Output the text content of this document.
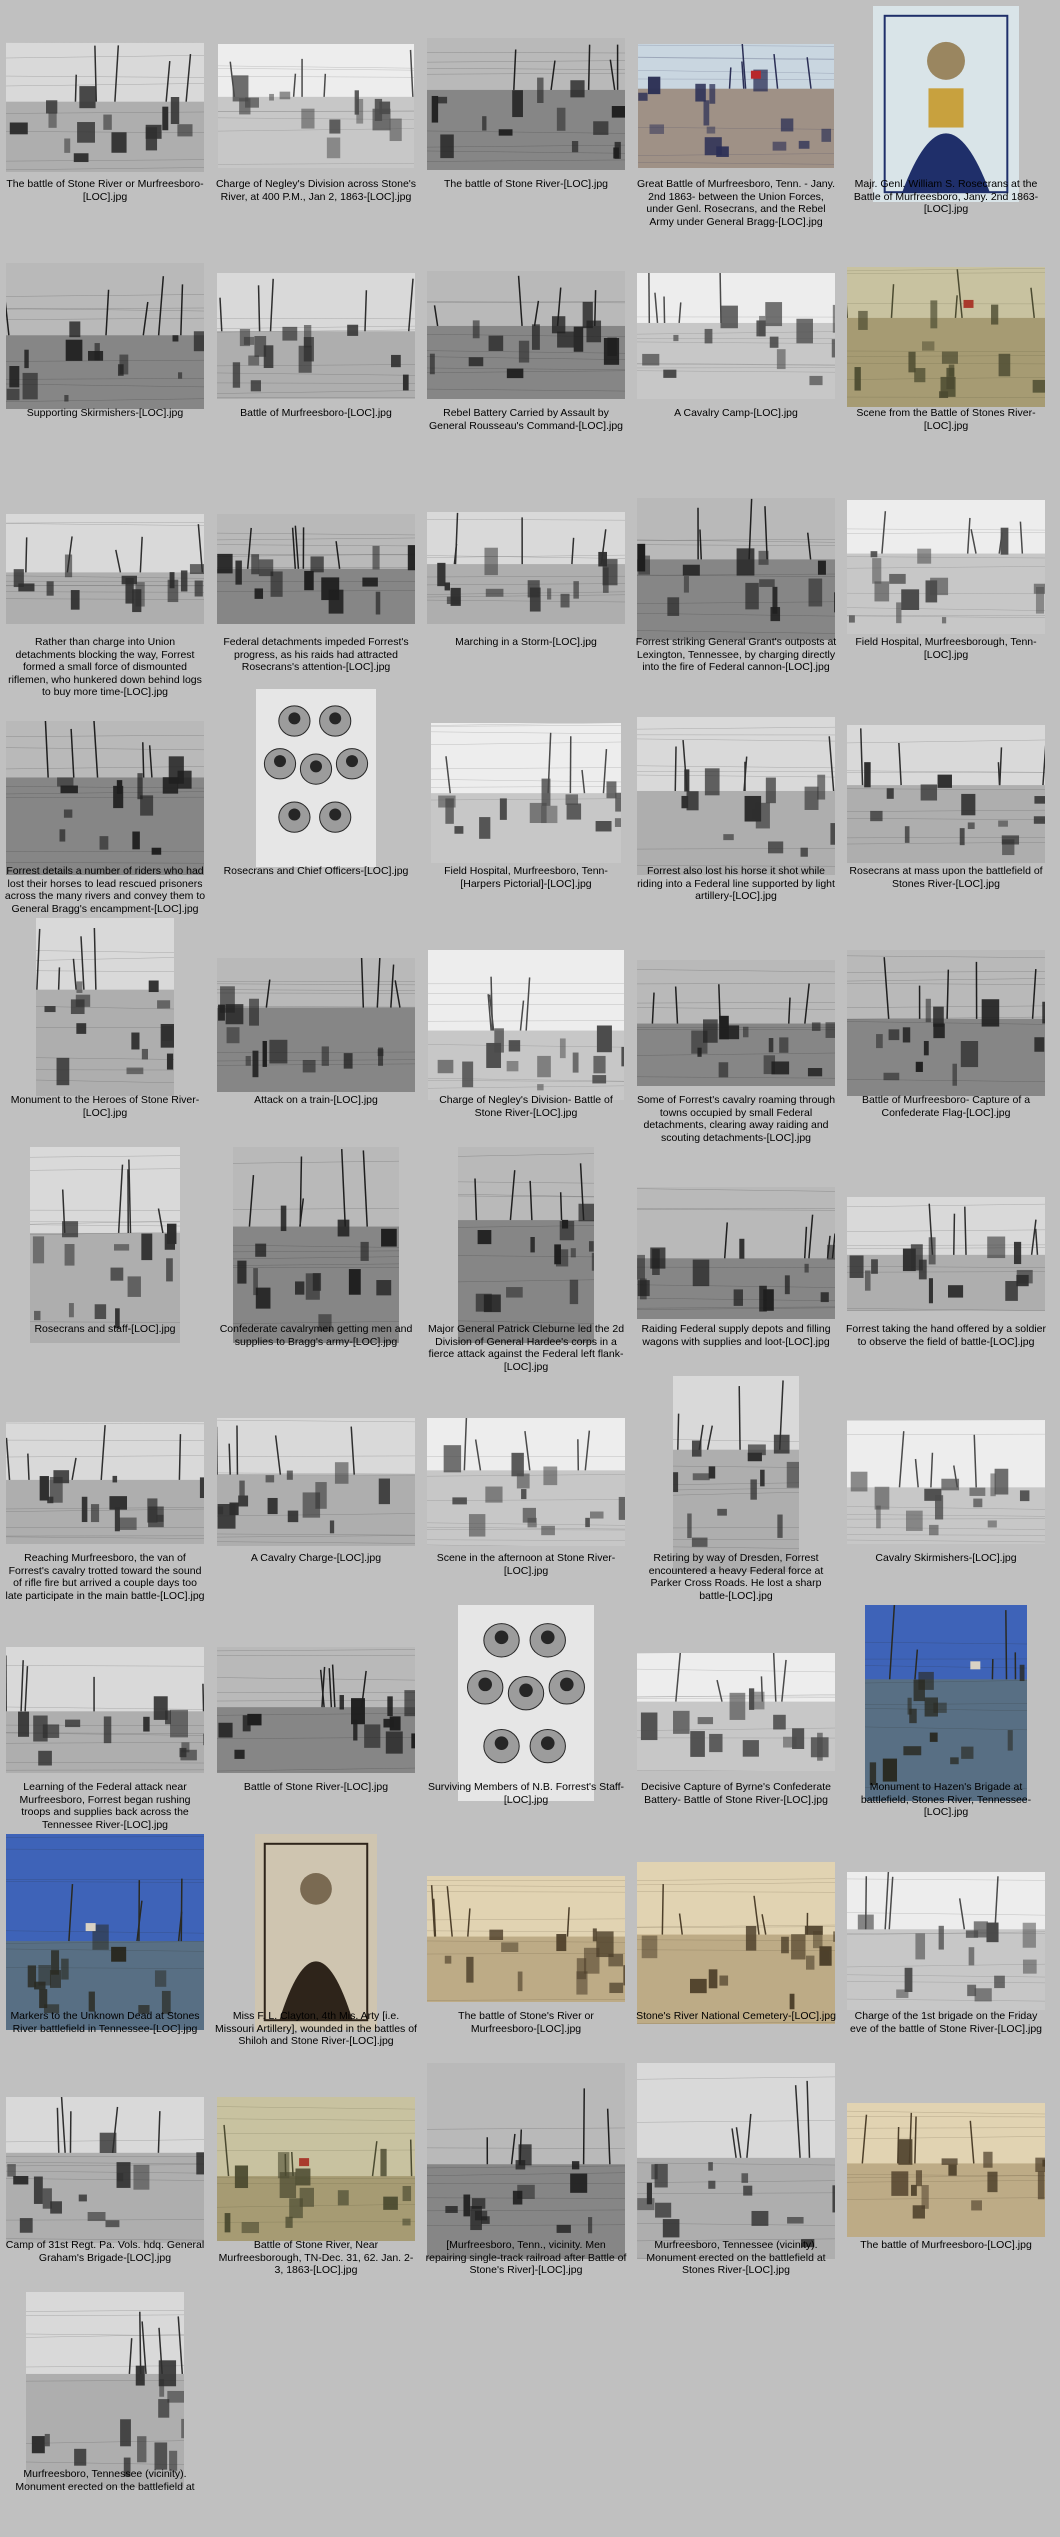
The battle of Stone River or Murfreesboro-[LOC].jpg
Charge of Negley's Division across Stone's River, at 400 P.M., Jan 2, 1863-[LOC].jpg
The battle of Stone River-[LOC].jpg	Great Battle of Murfreesboro, Tenn. - Jany. 2nd 1863- between the Union Forces, under Genl. Rosecrans, and the Rebel Army under General Bragg-[LOC].jpg
Majr. Genl. William S. Rosecrans at the Battle of Murfreesboro, Jany. 2nd 1863-[LOC].jpg
Supporting Skirmishers-[LOC].jpg	Battle of Murfreesboro-[LOC].jpg	Rebel Battery Carried by Assault by General Rousseau's Command-[LOC].jpg
A Cavalry Camp-[LOC].jpg	Scene from the Battle of Stones River-[LOC].jpg
Rather than charge into Union detachments blocking the way, Forrest formed a small force of dismounted riflemen, who hunkered down behind logs to buy more time-[LOC].jpg
Federal detachments impeded Forrest's progress, as his raids had attracted Rosecrans's attention-[LOC].jpg
Marching in a Storm-[LOC].jpg	Forrest striking General Grant's outposts at Lexington, Tennessee, by charging directly into the fire of Federal cannon-[LOC].jpg
Field Hospital, Murfreesborough, Tenn-[LOC].jpg
Forrest details a number of riders who had lost their horses to lead rescued prisoners across the many rivers and convey them to General Bragg's encampment-[LOC].jpg
Rosecrans and Chief Officers-[LOC].jpg	Field Hospital, Murfreesboro, Tenn- [Harpers Pictorial]-[LOC].jpg
Forrest also lost his horse it shot while riding into a Federal line supported by light artillery-[LOC].jpg
Rosecrans at mass upon the battlefield of Stones River-[LOC].jpg
Monument to the Heroes of Stone River-[LOC].jpg
Attack on a train-[LOC].jpg	Charge of Negley's Division- Battle of Stone River-[LOC].jpg
Some of Forrest's cavalry roaming through towns occupied by small Federal detachments, clearing away raiding and scouting detachments-[LOC].jpg
Battle of Murfreesboro- Capture of a Confederate Flag-[LOC].jpg
Rosecrans and staff-[LOC].jpg	Confederate cavalrymen getting men and supplies to Bragg's army-[LOC].jpg
Major General Patrick Cleburne led the 2d Division of General Hardee's corps in a fierce attack against the Federal left flank-[LOC].jpg
Raiding Federal supply depots and filling wagons with supplies and loot-[LOC].jpg
Forrest taking the hand offered by a soldier to observe the field of battle-[LOC].jpg
Reaching Murfreesboro, the van of Forrest's cavalry trotted toward the sound of rifle fire but arrived a couple days too late participate in the main battle-[LOC].jpg
A Cavalry Charge-[LOC].jpg	Scene in the afternoon at Stone River-[LOC].jpg
Retiring by way of Dresden, Forrest encountered a heavy Federal force at Parker Cross Roads. He lost a sharp battle-[LOC].jpg
Cavalry Skirmishers-[LOC].jpg
Learning of the Federal attack near Murfreesboro, Forrest began rushing troops and supplies back across the Tennessee River-[LOC].jpg
Battle of Stone River-[LOC].jpg	Surviving Members of N.B. Forrest's Staff-[LOC].jpg
Decisive Capture of Byrne's Confederate Battery- Battle of Stone River-[LOC].jpg
Monument to Hazen's Brigade at battlefield, Stones River, Tennessee-[LOC].jpg
Markers to the Unknown Dead at Stones River battlefield in Tennessee-[LOC].jpg
Miss F. L. Clayton, 4th Mis. Arty [i.e. Missouri Artillery], wounded in the battles of Shiloh and Stone River-[LOC].jpg
The battle of Stone's River or Murfreesboro-[LOC].jpg
Stone's River National Cemetery-[LOC].jpg	Charge of the 1st brigade on the Friday eve of the battle of Stone River-[LOC].jpg
Camp of 31st Regt. Pa. Vols. hdq. General Graham's Brigade-[LOC].jpg
Battle of Stone River, Near Murfreesborough, TN-Dec. 31, 62. Jan. 2-3, 1863-[LOC].jpg
[Murfreesboro, Tenn., vicinity. Men repairing single-track railroad after Battle of Stone's River]-[LOC].jpg
Murfreesboro, Tennessee (vicinity). Monument erected on the battlefield at Stones River-[LOC].jpg
The battle of Murfreesboro-[LOC].jpg
Murfreesboro, Tennessee (vicinity). Monument erected on the battlefield at
